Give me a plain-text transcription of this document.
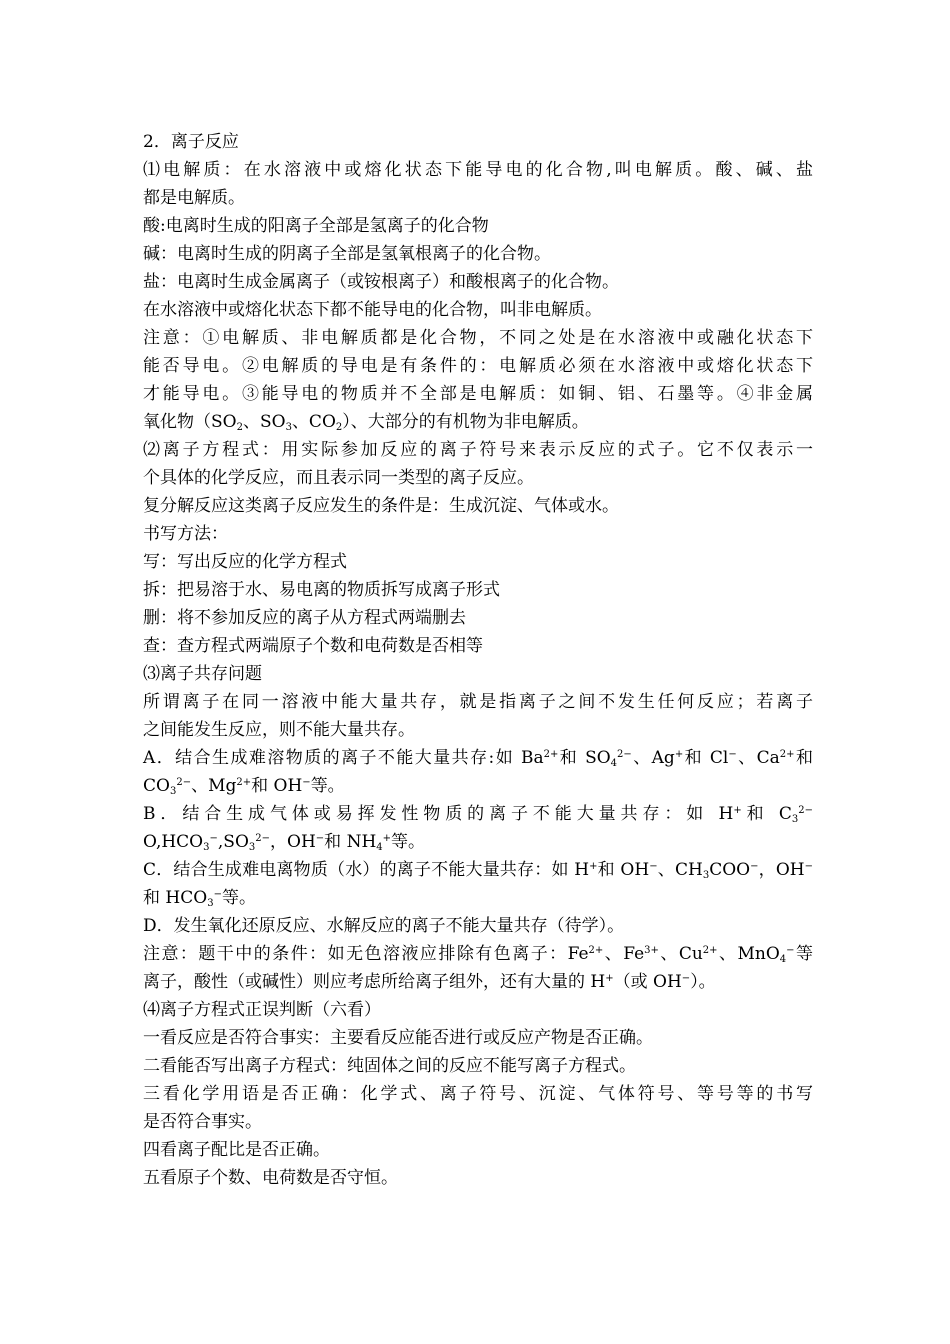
2．离子反应
⑴电解质：在水溶液中或熔化状态下能导电的化合物,叫电解质。酸、碱、盐
都是电解质。
酸:电离时生成的阳离子全部是氢离子的化合物
碱：电离时生成的阴离子全部是氢氧根离子的化合物。
盐：电离时生成金属离子（或铵根离子）和酸根离子的化合物。
在水溶液中或熔化状态下都不能导电的化合物，叫非电解质。
注意：①电解质、非电解质都是化合物，不同之处是在水溶液中或融化状态下
能否导电。②电解质的导电是有条件的：电解质必须在水溶液中或熔化状态下
才能导电。③能导电的物质并不全部是电解质：如铜、铝、石墨等。④非金属
氧化物（$SO_2$、$SO_3$、$CO_2$）、大部分的有机物为非电解质。
⑵离子方程式：用实际参加反应的离子符号来表示反应的式子。它不仅表示一
个具体的化学反应，而且表示同一类型的离子反应。
复分解反应这类离子反应发生的条件是：生成沉淀、气体或水。
书写方法：
写：写出反应的化学方程式
拆：把易溶于水、易电离的物质拆写成离子形式
删：将不参加反应的离子从方程式两端删去
查：查方程式两端原子个数和电荷数是否相等
⑶离子共存问题
所谓离子在同一溶液中能大量共存，就是指离子之间不发生任何反应；若离子
之间能发生反应，则不能大量共存。
A．结合生成难溶物质的离子不能大量共存:如 $Ba^{2+}$和 $SO_4^{2-}$、Ag+和 Cl−、$Ca^{2+}$和
$CO_3^{2-}$、$Mg^{2+}$和 OH−等。
B．结合生成气体或易挥发性物质的离子不能大量共存：如 H+和 $C_3^{2-}$
$O,HCO_3^-,SO_3^{2-}$，OH−和 $NH_4^+$等。
C．结合生成难电离物质（水）的离子不能大量共存：如 H+和 OH−、$CH_3COO^-$，OH−
和 $HCO_3^-$等。
D．发生氧化还原反应、水解反应的离子不能大量共存（待学）。
注意：题干中的条件：如无色溶液应排除有色离子：$Fe^{2+}$、$Fe^{3+}$、$Cu^{2+}$、MnO$_4$−等
离子，酸性（或碱性）则应考虑所给离子组外，还有大量的 H+（或 OH−）。
⑷离子方程式正误判断（六看）
一看反应是否符合事实：主要看反应能否进行或反应产物是否正确。
二看能否写出离子方程式：纯固体之间的反应不能写离子方程式。
三看化学用语是否正确：化学式、离子符号、沉淀、气体符号、等号等的书写
是否符合事实。
四看离子配比是否正确。
五看原子个数、电荷数是否守恒。
